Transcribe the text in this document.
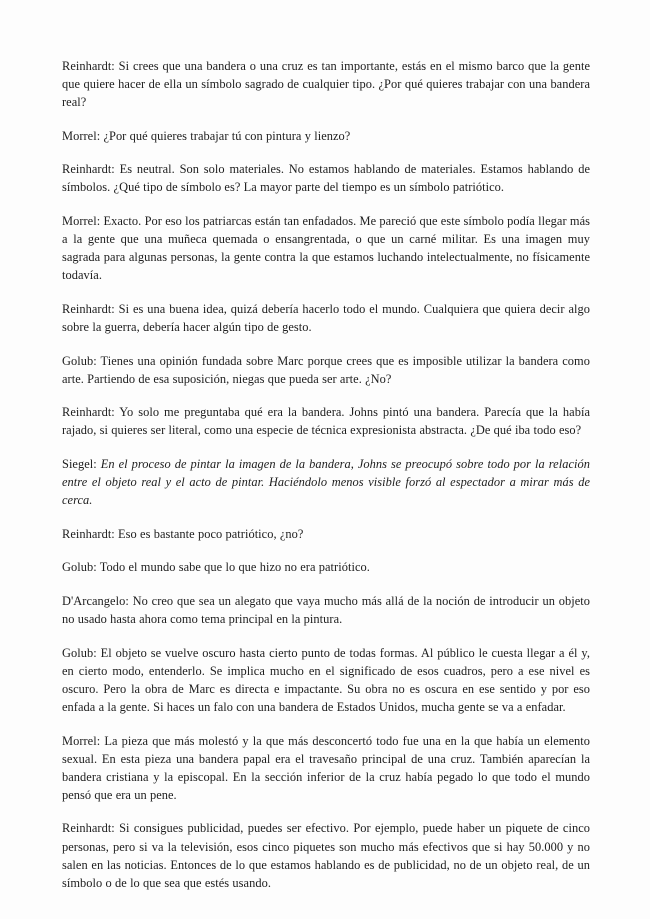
Reinhardt: Si crees que una bandera o una cruz es tan importante, estás en el mismo barco que la gente que quiere hacer de ella un símbolo sagrado de cualquier tipo. ¿Por qué quieres trabajar con una bandera real?

Morrel: ¿Por qué quieres trabajar tú con pintura y lienzo?

Reinhardt: Es neutral. Son solo materiales. No estamos hablando de materiales. Estamos hablando de símbolos. ¿Qué tipo de símbolo es? La mayor parte del tiempo es un símbolo patriótico.

Morrel: Exacto. Por eso los patriarcas están tan enfadados. Me pareció que este símbolo podía llegar más a la gente que una muñeca quemada o ensangrentada, o que un carné militar. Es una imagen muy sagrada para algunas personas, la gente contra la que estamos luchando intelectualmente, no físicamente todavía.

Reinhardt: Si es una buena idea, quizá debería hacerlo todo el mundo. Cualquiera que quiera decir algo sobre la guerra, debería hacer algún tipo de gesto.

Golub: Tienes una opinión fundada sobre Marc porque crees que es imposible utilizar la bandera como arte. Partiendo de esa suposición, niegas que pueda ser arte. ¿No?

Reinhardt: Yo solo me preguntaba qué era la bandera. Johns pintó una bandera. Parecía que la había rajado, si quieres ser literal, como una especie de técnica expresionista abstracta. ¿De qué iba todo eso?

Siegel: En el proceso de pintar la imagen de la bandera, Johns se preocupó sobre todo por la relación entre el objeto real y el acto de pintar. Haciéndolo menos visible forzó al espectador a mirar más de cerca.

Reinhardt: Eso es bastante poco patriótico, ¿no?

Golub: Todo el mundo sabe que lo que hizo no era patriótico.

D'Arcangelo: No creo que sea un alegato que vaya mucho más allá de la noción de introducir un objeto no usado hasta ahora como tema principal en la pintura.

Golub: El objeto se vuelve oscuro hasta cierto punto de todas formas. Al público le cuesta llegar a él y, en cierto modo, entenderlo. Se implica mucho en el significado de esos cuadros, pero a ese nivel es oscuro. Pero la obra de Marc es directa e impactante. Su obra no es oscura en ese sentido y por eso enfada a la gente. Si haces un falo con una bandera de Estados Unidos, mucha gente se va a enfadar.

Morrel: La pieza que más molestó y la que más desconcertó todo fue una en la que había un elemento sexual. En esta pieza una bandera papal era el travesaño principal de una cruz. También aparecían la bandera cristiana y la episcopal. En la sección inferior de la cruz había pegado lo que todo el mundo pensó que era un pene.

Reinhardt: Si consigues publicidad, puedes ser efectivo. Por ejemplo, puede haber un piquete de cinco personas, pero si va la televisión, esos cinco piquetes son mucho más efectivos que si hay 50.000 y no salen en las noticias. Entonces de lo que estamos hablando es de publicidad, no de un objeto real, de un símbolo o de lo que sea que estés usando.
